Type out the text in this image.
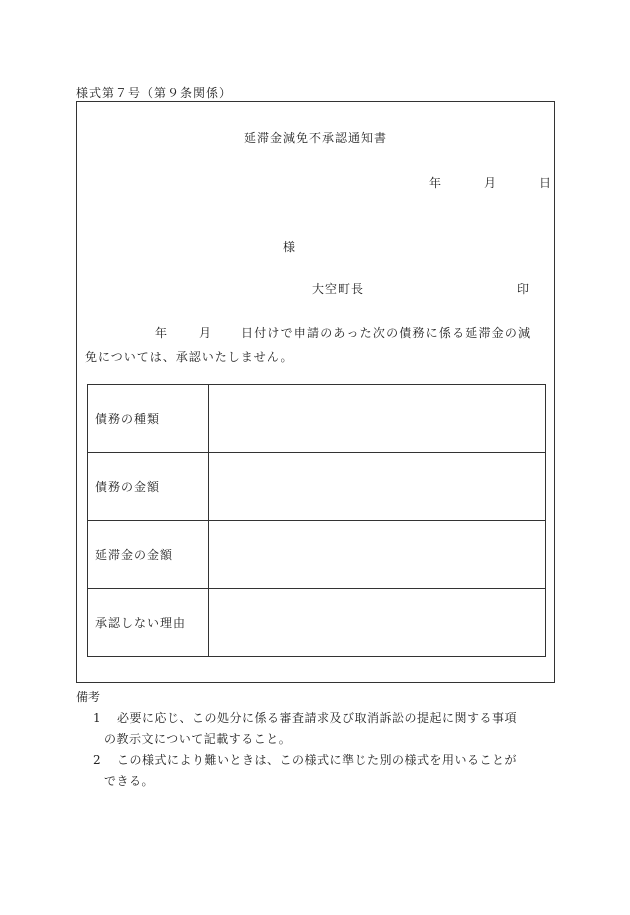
様式第７号（第９条関係）
延滞金減免不承認通知書
年	月	日
様
大空町長	印
年	月 日付けで申請のあった次の債務に係る延滞金の減
免については、承認いたしません。
債務の種類	
債務の金額	
延滞金の金額	
承認しない理由	
備考
1 必要に応じ、この処分に係る審査請求及び取消訴訟の提起に関する事項
の教示文について記載すること。
2 この様式により難いときは、この様式に準じた別の様式を用いることが
できる。
